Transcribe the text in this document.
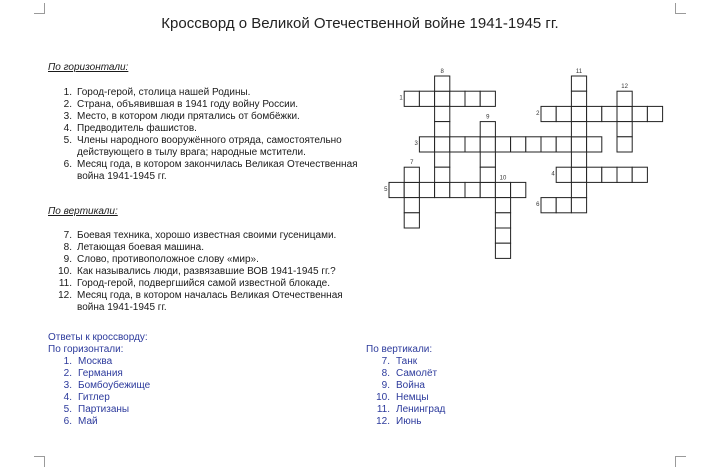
Кроссворд о Великой Отечественной войне 1941-1945 гг.
По горизонтали:
1. Город-герой, столица нашей Родины.
2. Страна, объявившая в 1941 году войну России.
3. Место, в котором люди прятались от бомбёжки.
4. Предводитель фашистов.
5. Члены народного вооружённого отряда, самостоятельно действующего в тылу врага; народные мстители.
6. Месяц года, в котором закончилась Великая Отечественная война 1941-1945 гг.
По вертикали:
7. Боевая техника, хорошо известная своими гусеницами.
8. Летающая боевая машина.
9. Слово, противоположное слову «мир».
10. Как назывались люди, развязавшие ВОВ 1941-1945 гг.?
11. Город-герой, подвергшийся самой известной блокаде.
12. Месяц года, в котором началась Великая Отечественная война 1941-1945 гг.
Ответы к кроссворду:
По горизонтали:
1. Москва
2. Германия
3. Бомбоубежище
4. Гитлер
5. Партизаны
6. Май
По вертикали:
7. Танк
8. Самолёт
9. Война
10. Немцы
11. Ленинград
12. Июнь
1
2
3
4
5
6
7
8
9
10
11
12
